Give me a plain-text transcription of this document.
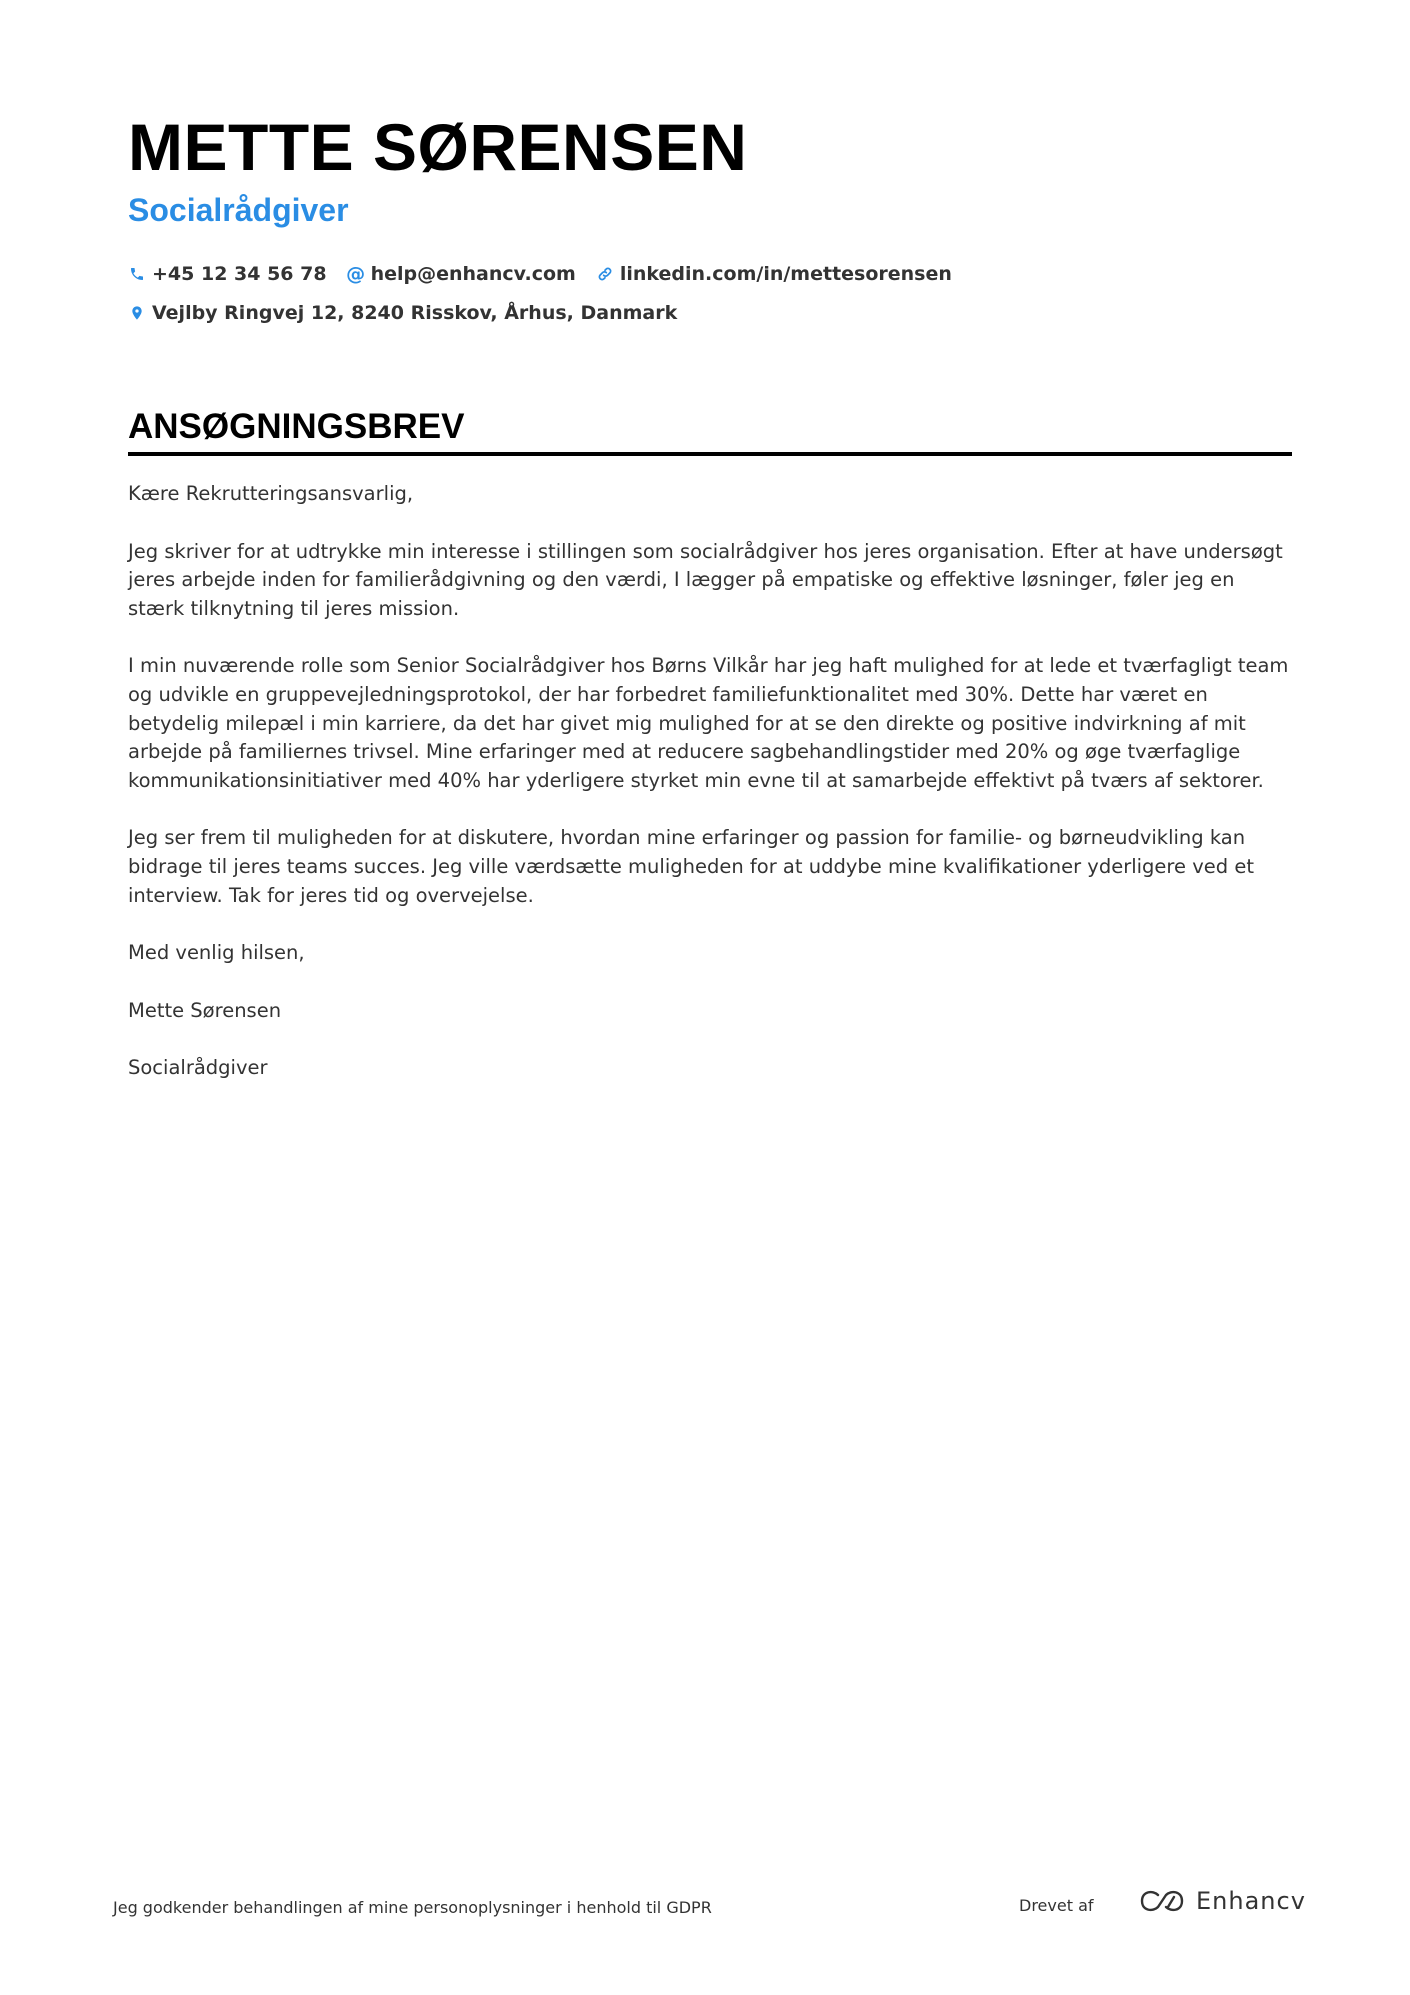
METTE SØRENSEN
Socialrådgiver
+45 12 34 56 78 @ help@enhancv.com linkedin.com/in/mettesorensen
Vejlby Ringvej 12, 8240 Risskov, Århus, Danmark
ANSØGNINGSBREV

Kære Rekrutteringsansvarlig,

Jeg skriver for at udtrykke min interesse i stillingen som socialrådgiver hos jeres organisation. Efter at have undersøgt jeres arbejde inden for familierådgivning og den værdi, I lægger på empatiske og effektive løsninger, føler jeg en stærk tilknytning til jeres mission.

I min nuværende rolle som Senior Socialrådgiver hos Børns Vilkår har jeg haft mulighed for at lede et tværfagligt team og udvikle en gruppevejledningsprotokol, der har forbedret familiefunktionalitet med 30%. Dette har været en betydelig milepæl i min karriere, da det har givet mig mulighed for at se den direkte og positive indvirkning af mit arbejde på familiernes trivsel. Mine erfaringer med at reducere sagbehandlingstider med 20% og øge tværfaglige kommunikationsinitiativer med 40% har yderligere styrket min evne til at samarbejde effektivt på tværs af sektorer.

Jeg ser frem til muligheden for at diskutere, hvordan mine erfaringer og passion for familie- og børneudvikling kan bidrage til jeres teams succes. Jeg ville værdsætte muligheden for at uddybe mine kvalifikationer yderligere ved et interview. Tak for jeres tid og overvejelse.

Med venlig hilsen,

Mette Sørensen

Socialrådgiver

Jeg godkender behandlingen af mine personoplysninger i henhold til GDPR	Drevet af	Enhancv
